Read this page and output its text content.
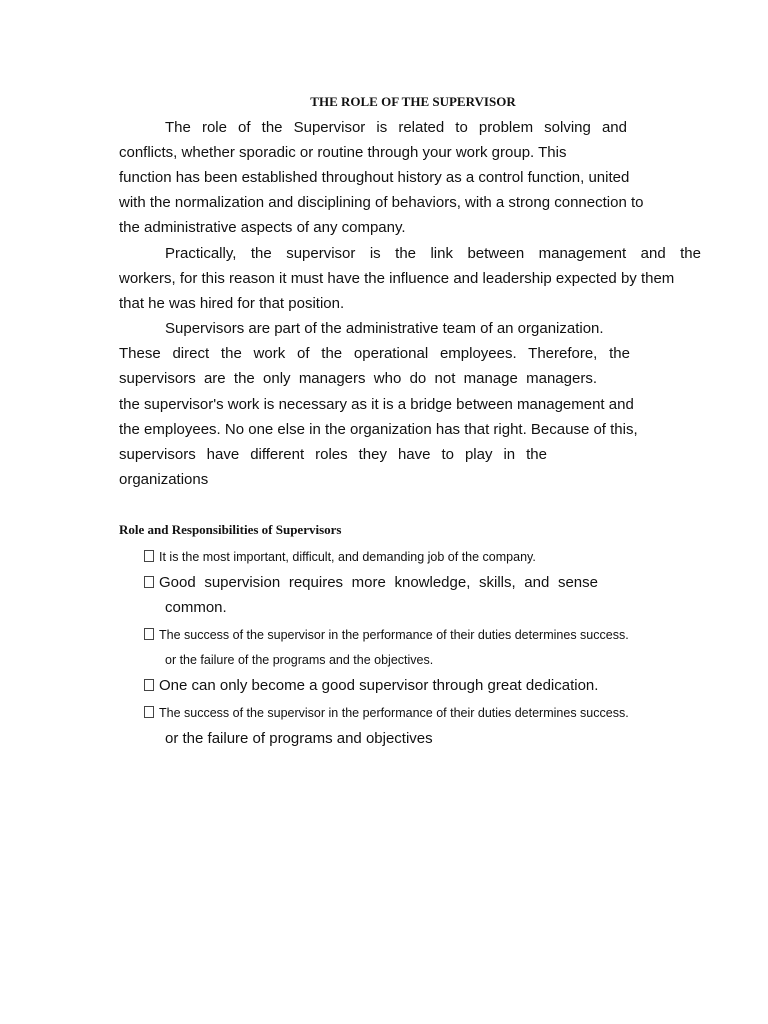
THE ROLE OF THE SUPERVISOR
The role of the Supervisor is related to problem solving and
conflicts, whether sporadic or routine through your work group. This
function has been established throughout history as a control function, united
with the normalization and disciplining of behaviors, with a strong connection to
the administrative aspects of any company.
Practically, the supervisor is the link between management and the
workers, for this reason it must have the influence and leadership expected by them
that he was hired for that position.
Supervisors are part of the administrative team of an organization.
These direct the work of the operational employees. Therefore, the
supervisors are the only managers who do not manage managers.
the supervisor's work is necessary as it is a bridge between management and
the employees. No one else in the organization has that right. Because of this,
supervisors have different roles they have to play in the
organizations
Role and Responsibilities of Supervisors
It is the most important, difficult, and demanding job of the company.
Good supervision requires more knowledge, skills, and sense
common.
The success of the supervisor in the performance of their duties determines success.
or the failure of the programs and the objectives.
One can only become a good supervisor through great dedication.
The success of the supervisor in the performance of their duties determines success.
or the failure of programs and objectives
